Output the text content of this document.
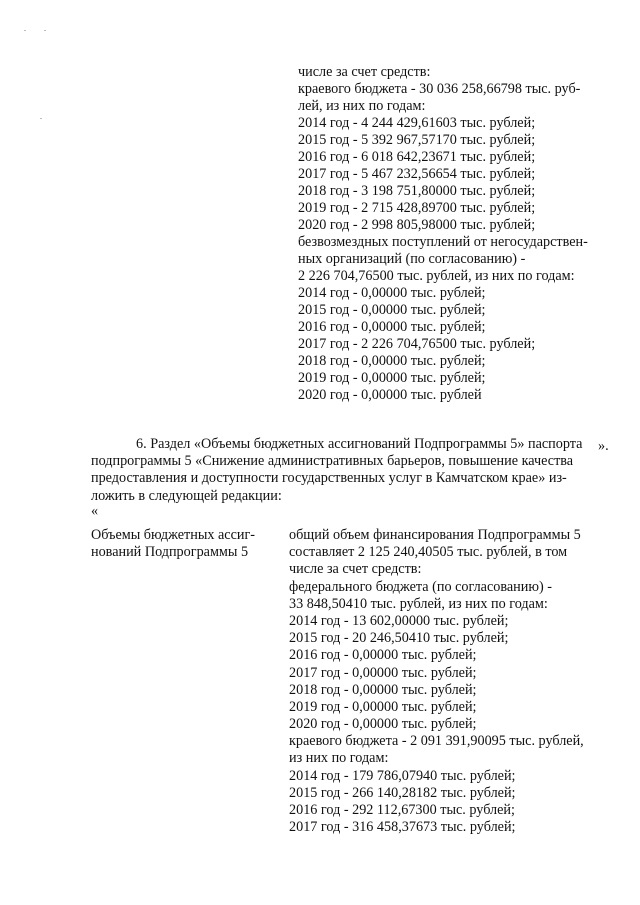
числе за счет средств:
краевого бюджета - 30 036 258,66798 тыс. руб-
лей, из них по годам:
2014 год - 4 244 429,61603 тыс. рублей;
2015 год - 5 392 967,57170 тыс. рублей;
2016 год - 6 018 642,23671 тыс. рублей;
2017 год - 5 467 232,56654 тыс. рублей;
2018 год - 3 198 751,80000 тыс. рублей;
2019 год - 2 715 428,89700 тыс. рублей;
2020 год - 2 998 805,98000 тыс. рублей;
безвозмездных поступлений от негосударствен-
ных организаций (по согласованию) -
2 226 704,76500 тыс. рублей, из них по годам:
2014 год - 0,00000 тыс. рублей;
2015 год - 0,00000 тыс. рублей;
2016 год - 0,00000 тыс. рублей;
2017 год - 2 226 704,76500 тыс. рублей;
2018 год - 0,00000 тыс. рублей;
2019 год - 0,00000 тыс. рублей;
2020 год - 0,00000 тыс. рублей
».
6. Раздел «Объемы бюджетных ассигнований Подпрограммы 5» паспорта
подпрограммы 5 «Снижение административных барьеров, повышение качества
предоставления и доступности государственных услуг в Камчатском крае» из-
ложить в следующей редакции:
«
Объемы бюджетных ассиг-
нований Подпрограммы 5
общий объем финансирования Подпрограммы 5
составляет 2 125 240,40505 тыс. рублей, в том
числе за счет средств:
федерального бюджета (по согласованию) -
33 848,50410 тыс. рублей, из них по годам:
2014 год - 13 602,00000 тыс. рублей;
2015 год - 20 246,50410 тыс. рублей;
2016 год - 0,00000 тыс. рублей;
2017 год - 0,00000 тыс. рублей;
2018 год - 0,00000 тыс. рублей;
2019 год - 0,00000 тыс. рублей;
2020 год - 0,00000 тыс. рублей;
краевого бюджета - 2 091 391,90095 тыс. рублей,
из них по годам:
2014 год - 179 786,07940 тыс. рублей;
2015 год - 266 140,28182 тыс. рублей;
2016 год - 292 112,67300 тыс. рублей;
2017 год - 316 458,37673 тыс. рублей;
